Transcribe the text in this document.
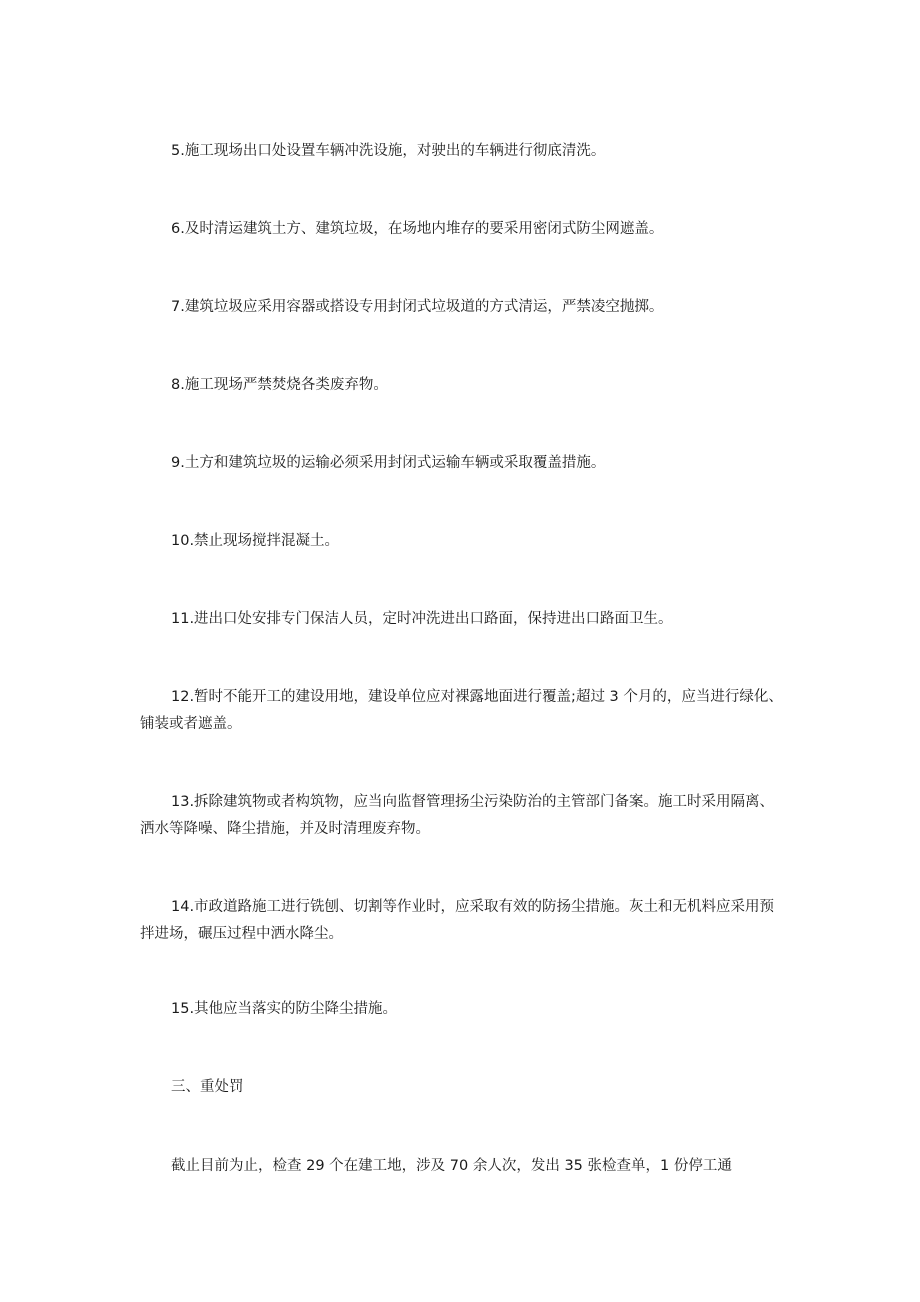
5.施工现场出口处设置车辆冲洗设施，对驶出的车辆进行彻底清洗。

6.及时清运建筑土方、建筑垃圾，在场地内堆存的要采用密闭式防尘网遮盖。

7.建筑垃圾应采用容器或搭设专用封闭式垃圾道的方式清运，严禁凌空抛掷。

8.施工现场严禁焚烧各类废弃物。

9.土方和建筑垃圾的运输必须采用封闭式运输车辆或采取覆盖措施。

10.禁止现场搅拌混凝土。

11.进出口处安排专门保洁人员，定时冲洗进出口路面，保持进出口路面卫生。

12.暂时不能开工的建设用地，建设单位应对裸露地面进行覆盖;超过 3 个月的，应当进行绿化、铺装或者遮盖。

13.拆除建筑物或者构筑物，应当向监督管理扬尘污染防治的主管部门备案。施工时采用隔离、洒水等降噪、降尘措施，并及时清理废弃物。

14.市政道路施工进行铣刨、切割等作业时，应采取有效的防扬尘措施。灰土和无机料应采用预拌进场，碾压过程中洒水降尘。

15.其他应当落实的防尘降尘措施。

三、重处罚

截止目前为止，检查 29 个在建工地，涉及 70 余人次，发出 35 张检查单，1 份停工通
